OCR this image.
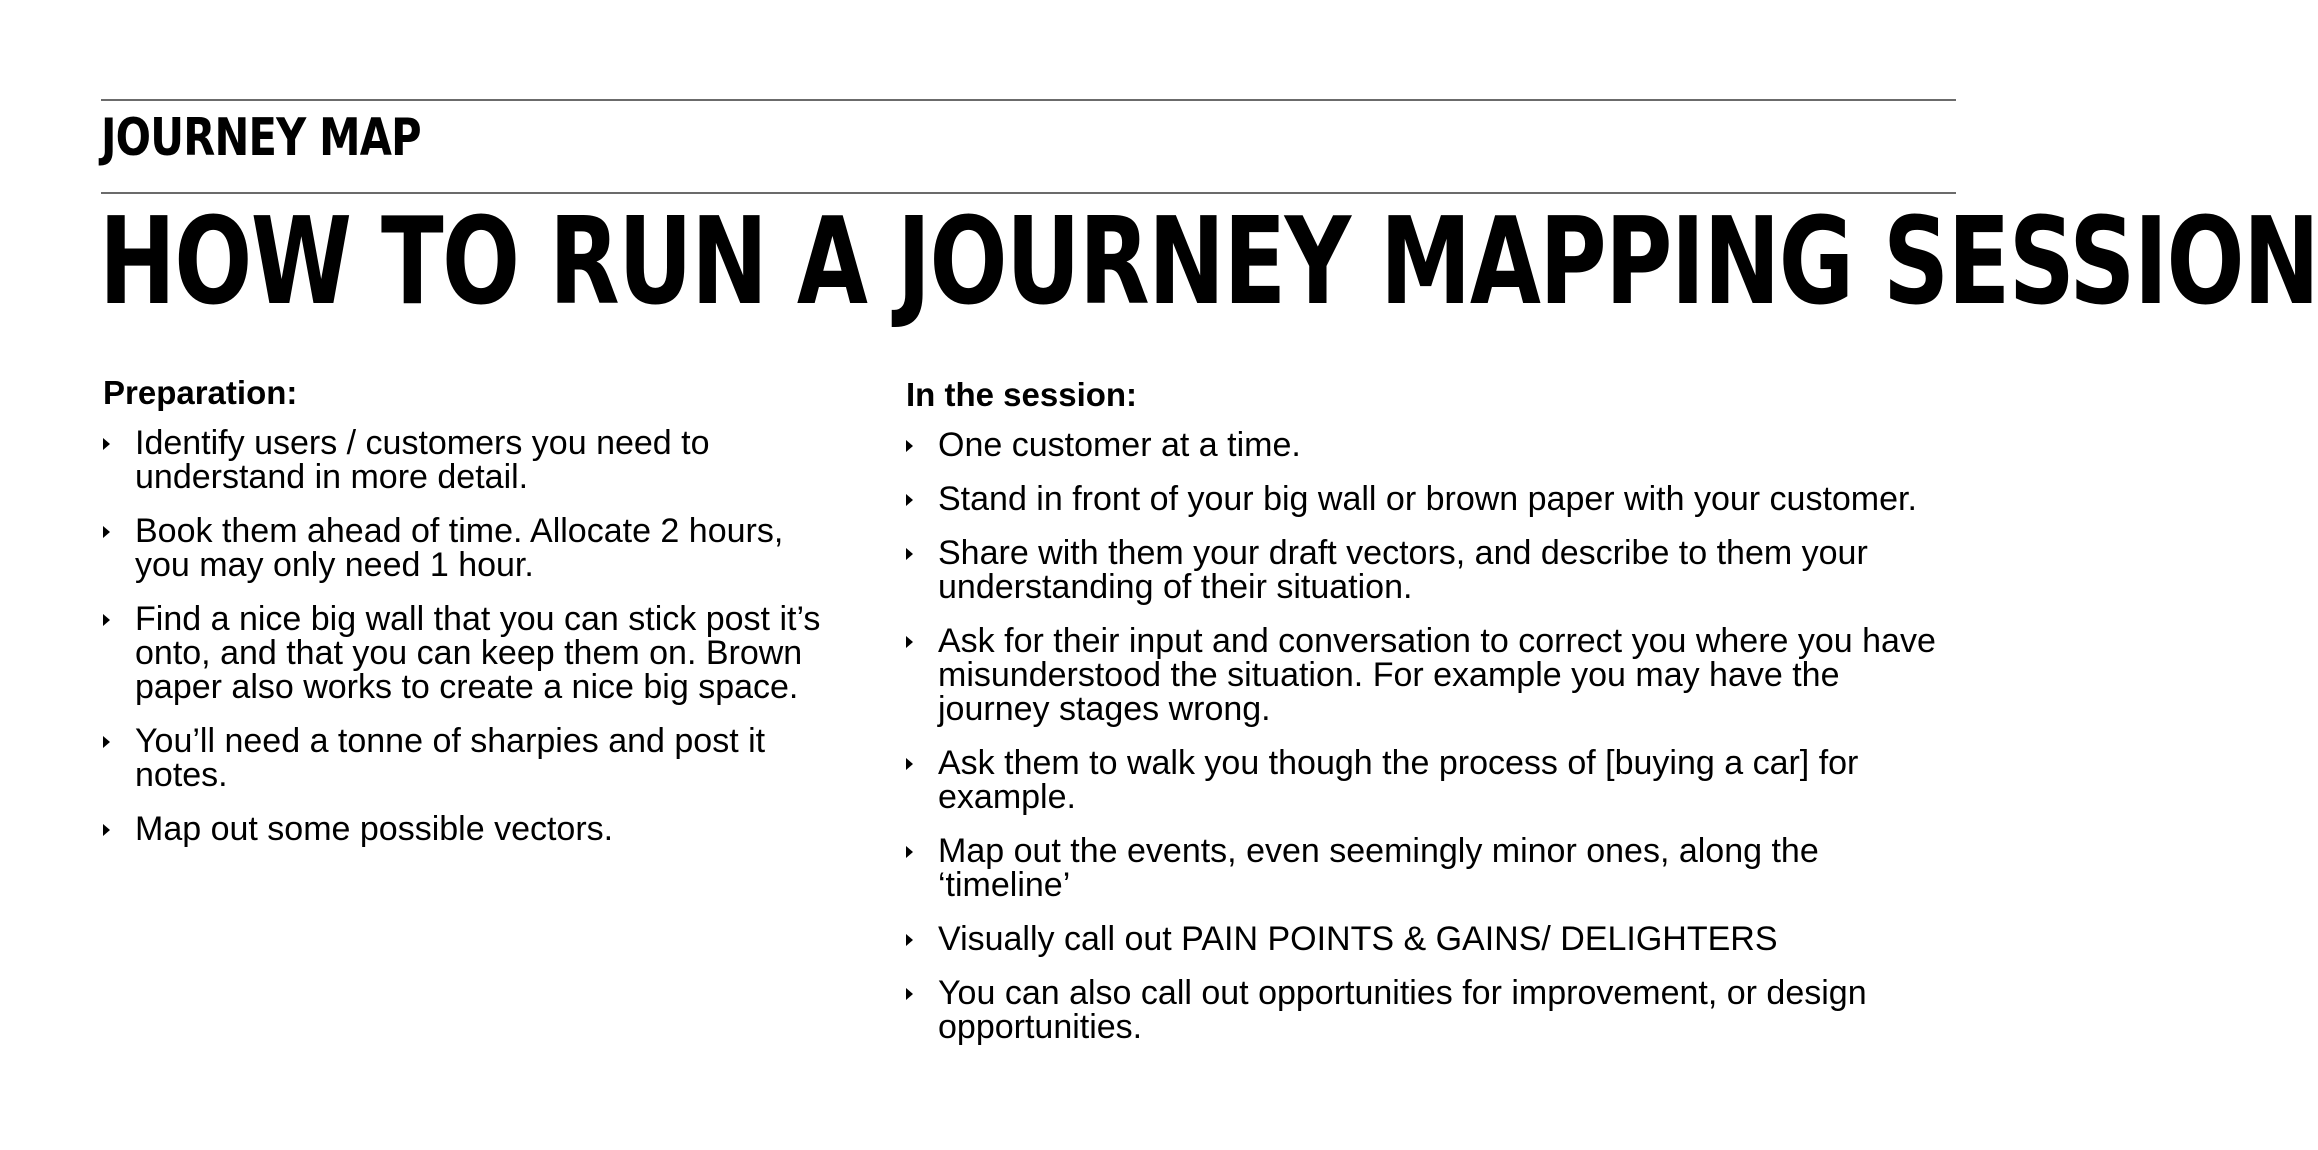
JOURNEY MAP
HOW TO RUN A JOURNEY MAPPING SESSION
Preparation:
Identify users / customers you need to
understand in more detail.
Book them ahead of time. Allocate 2 hours,
you may only need 1 hour.
Find a nice big wall that you can stick post it’s
onto, and that you can keep them on. Brown
paper also works to create a nice big space.
You’ll need a tonne of sharpies and post it
notes.
Map out some possible vectors.
In the session:
One customer at a time.
Stand in front of your big wall or brown paper with your customer.
Share with them your draft vectors, and describe to them your
understanding of their situation.
Ask for their input and conversation to correct you where you have
misunderstood the situation. For example you may have the
journey stages wrong.
Ask them to walk you though the process of [buying a car] for
example.
Map out the events, even seemingly minor ones, along the
‘timeline’
Visually call out PAIN POINTS & GAINS/ DELIGHTERS
You can also call out opportunities for improvement, or design
opportunities.
